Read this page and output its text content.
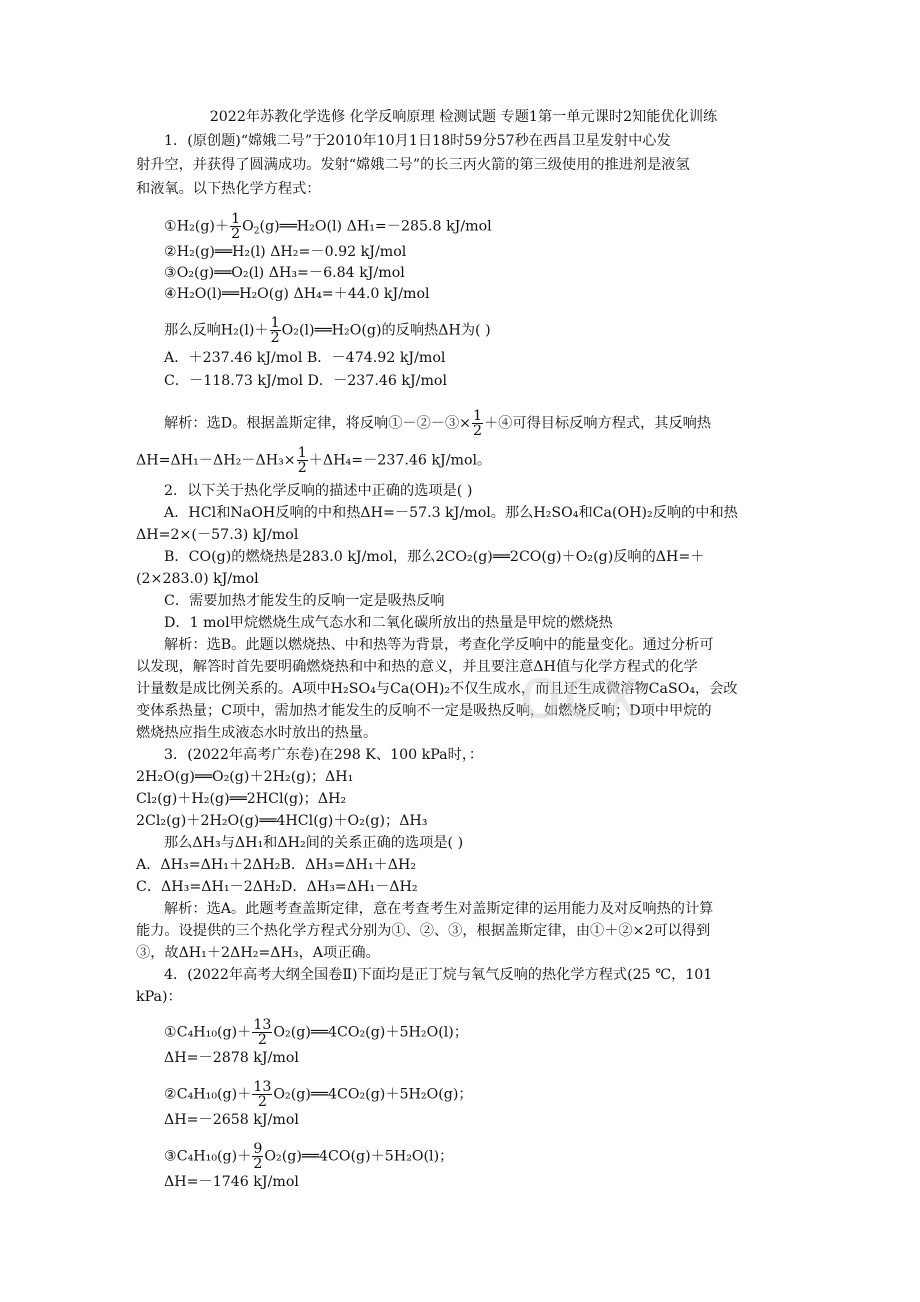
2022年苏教化学选修 化学反响原理 检测试题 专题1第一单元课时2知能优化训练
1．(原创题)“嫦娥二号”于2010年10月1日18时59分57秒在西昌卫星发射中心发
射升空，并获得了圆满成功。发射“嫦娥二号”的长三丙火箭的第三级使用的推进剂是液氢
和液氧。以下热化学方程式：
①H₂(g)＋ $\frac{1}{2}$ $O_2(g)══H_2O(l)$ ΔH₁=－285.8 kJ/mol
②H₂(g)══H₂(l) ΔH₂=－0.92 kJ/mol
③O₂(g)══O₂(l) ΔH₃=－6.84 kJ/mol
④H₂O(l)══H₂O(g) ΔH₄=＋44.0 kJ/mol
那么反响$H_2(l)+ \frac{1}{2}$ O₂(l)══H₂O(g)的反响热ΔH为( )
A．＋237.46 kJ/mol B．－474.92 kJ/mol
C．－118.73 kJ/mol D．－237.46 kJ/mol
解析：选D。根据盖斯定律，将反响①－②－③× $\frac{1}{2}$ ＋④可得目标反响方程式，其反响热
$\Delta H=\Delta H_1-\Delta H_2-\Delta H_3\times \frac{1}{2} +\Delta H_4=-237.46$ kJ/mol。
2．以下关于热化学反响的描述中正确的选项是( )
A．HCl和NaOH反响的中和热ΔH=－57.3 kJ/mol。那么H₂SO₄和Ca(OH)₂反响的中和热
ΔH=2×(－57.3) kJ/mol
B．CO(g)的燃烧热是283.0 kJ/mol，那么2CO₂(g)══2CO(g)＋O₂(g)反响的ΔH=＋
(2×283.0) kJ/mol
C．需要加热才能发生的反响一定是吸热反响
D．1 mol甲烷燃烧生成气态水和二氧化碳所放出的热量是甲烷的燃烧热
解析：选B。此题以燃烧热、中和热等为背景，考查化学反响中的能量变化。通过分析可
以发现，解答时首先要明确燃烧热和中和热的意义，并且要注意ΔH值与化学方程式的化学
计量数是成比例关系的。A项中H₂SO₄与Ca(OH)₂不仅生成水，而且还生成微溶物CaSO₄，会改
变体系热量；C项中，需加热才能发生的反响不一定是吸热反响，如燃烧反响；D项中甲烷的
燃烧热应指生成液态水时放出的热量。
3．(2022年高考广东卷)在298 K、100 kPa时，：
2H₂O(g)══O₂(g)＋2H₂(g)；ΔH₁
Cl₂(g)＋H₂(g)══2HCl(g)；ΔH₂
2Cl₂(g)＋2H₂O(g)══4HCl(g)＋O₂(g)；ΔH₃
那么ΔH₃与ΔH₁和ΔH₂间的关系正确的选项是( )
A．ΔH₃=ΔH₁＋2ΔH₂B．ΔH₃=ΔH₁＋ΔH₂
C．ΔH₃=ΔH₁－2ΔH₂D．ΔH₃=ΔH₁－ΔH₂
解析：选A。此题考查盖斯定律，意在考查考生对盖斯定律的运用能力及对反响热的计算
能力。设提供的三个热化学方程式分别为①、②、③，根据盖斯定律，由①＋②×2可以得到
③，故ΔH₁＋2ΔH₂=ΔH₃，A项正确。
4．(2022年高考大纲全国卷Ⅱ)下面均是正丁烷与氧气反响的热化学方程式(25 ℃，101
kPa)：
①C₄H₁₀(g)＋ $\frac{13}{2}$ O₂(g)══4CO₂(g)＋5H₂O(l)；
ΔH=－2878 kJ/mol
②C₄H₁₀(g)＋ $\frac{13}{2}$ O₂(g)══4CO₂(g)＋5H₂O(g)；
ΔH=－2658 kJ/mol
③C₄H₁₀(g)＋ $\frac{9}{2}$ O₂(g)══4CO(g)＋5H₂O(l)；
ΔH=－1746 kJ/mol
ocx
